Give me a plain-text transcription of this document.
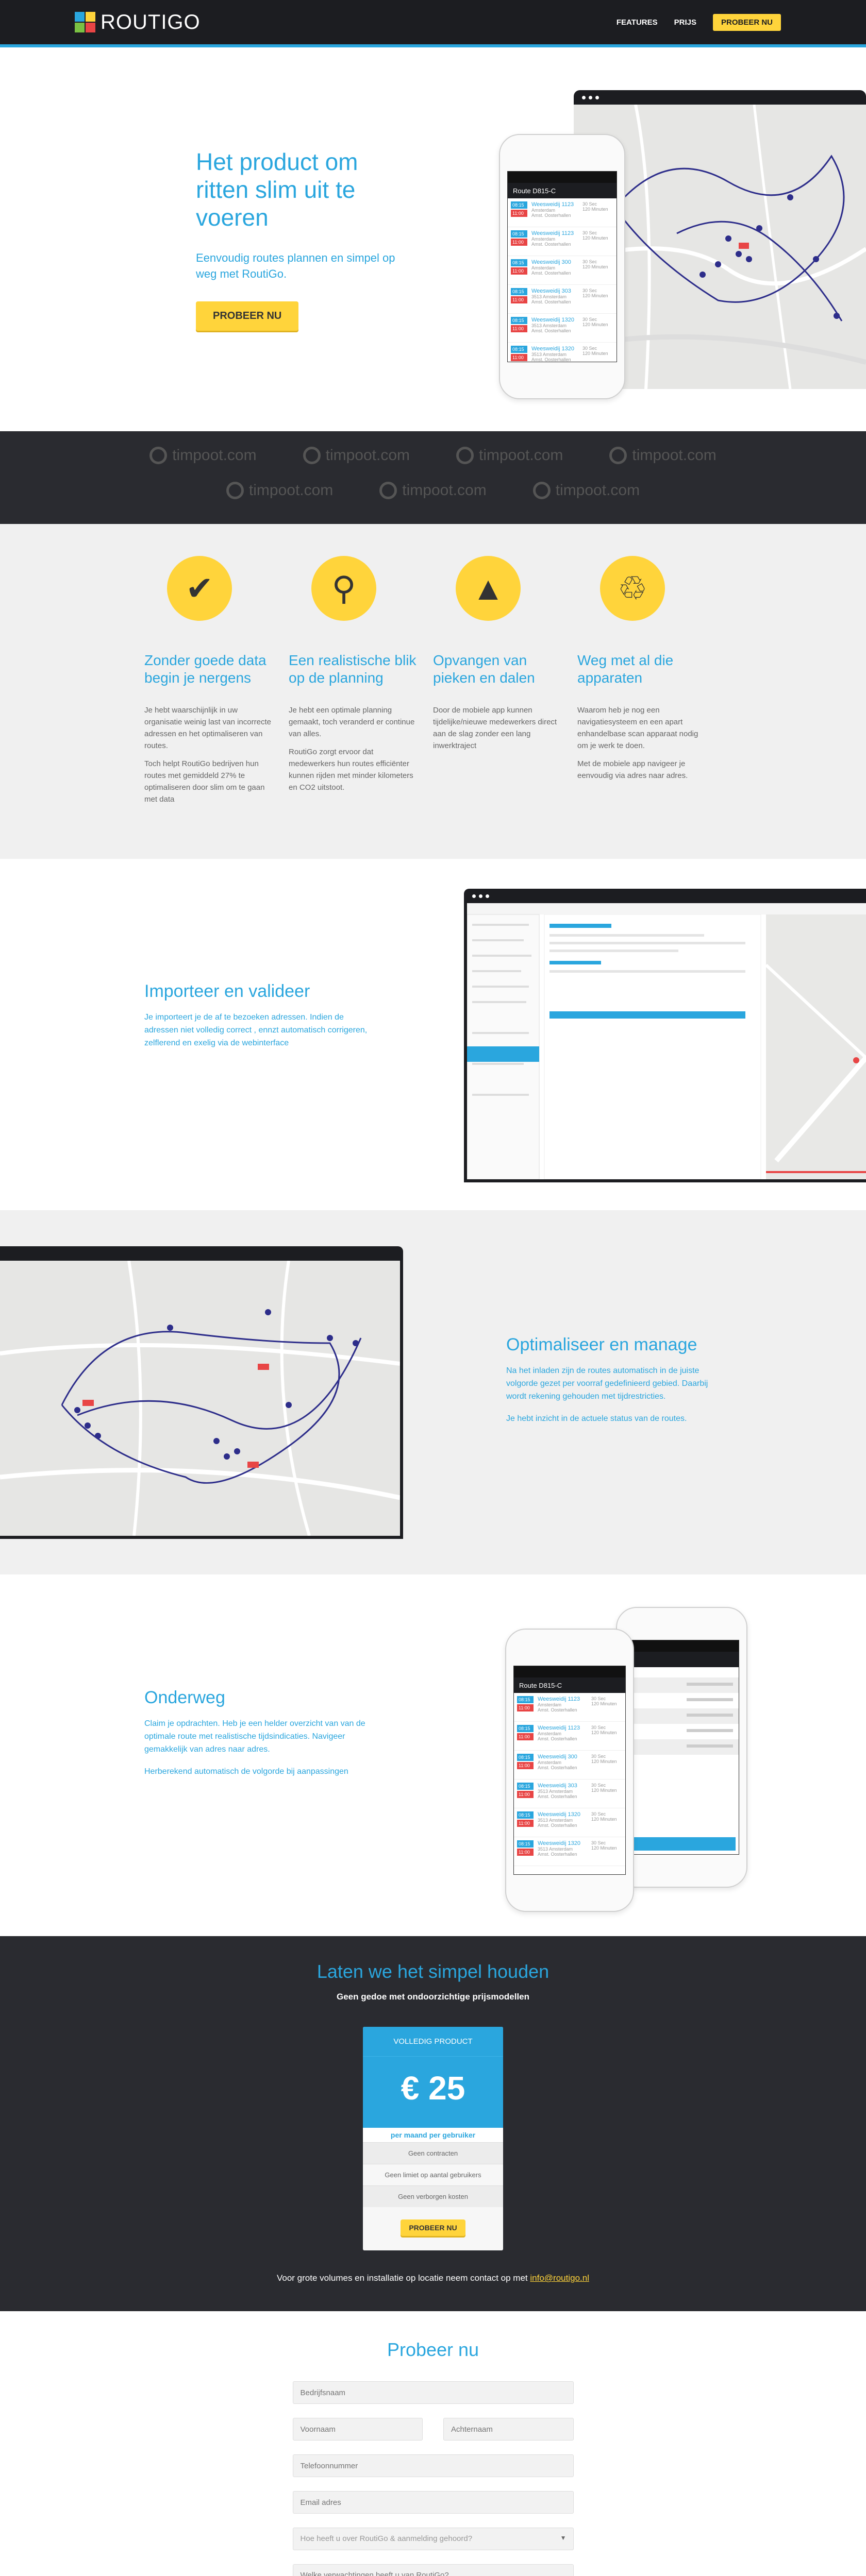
ROUTIGO	FEATURES PRIJS	PROBEER NU
Het product om ritten slim uit te voeren

Eenvoudig routes plannen en simpel op weg met RoutiGo.

PROBEER NU
Route D815-C
08:15
11:00
Weesweidij 1123
Amsterdam
Amst. Oosterhallen
30 Sec
120 Minuten
08:15
11:00
Weesweidij 1123
Amsterdam
Amst. Oosterhallen
30 Sec
120 Minuten
08:15
11:00
Weesweidij 300
Amsterdam
Amst. Oosterhallen
30 Sec
120 Minuten
08:15
11:00
Weesweidij 303
3513 Amsterdam
Amst. Oosterhallen
30 Sec
120 Minuten
08:15
11:00
Weesweidij 1320
3513 Amsterdam
Amst. Oosterhallen
30 Sec
120 Minuten
08:15
11:00
Weesweidij 1320
3513 Amsterdam
Amst. Oosterhallen
30 Sec
120 Minuten
timpoot.com	timpoot.com	timpoot.com	timpoot.com
timpoot.com	timpoot.com	timpoot.com
✔
Zonder goede data begin je nergens

Je hebt waarschijnlijk in uw organisatie weinig last van incorrecte adressen en het optimaliseren van routes.

Toch helpt RoutiGo bedrijven hun routes met gemiddeld 27% te optimaliseren door slim om te gaan met data

⚲
Een realistische blik op de planning

Je hebt een optimale planning gemaakt, toch veranderd er continue van alles.

RoutiGo zorgt ervoor dat medewerkers hun routes efficiënter kunnen rijden met minder kilometers en CO2 uitstoot.

▲
Opvangen van pieken en dalen

Door de mobiele app kunnen tijdelijke/nieuwe medewerkers direct aan de slag zonder een lang inwerktraject

♲
Weg met al die apparaten

Waarom heb je nog een navigatiesysteem en een apart enhandelbase scan apparaat nodig om je werk te doen.

Met de mobiele app navigeer je eenvoudig via adres naar adres.

Importeer en valideer

Je importeert je de af te bezoeken adressen. Indien de adressen niet volledig correct , ennzt automatisch corrigeren, zelflerend en exelig via de webinterface

Optimaliseer en manage

Na het inladen zijn de routes automatisch in de juiste volgorde gezet per voorraf gedefinieerd gebied. Daarbij wordt rekening gehouden met tijdrestricties.

Je hebt inzicht in de actuele status van de routes.

Onderweg

Claim je opdrachten. Heb je een helder overzicht van van de optimale route met realistische tijdsindicaties. Navigeer gemakkelijk van adres naar adres.

Herberekend automatisch de volgorde bij aanpassingen

Route D815-C
08:15
11:00
Weesweidij 1123
Amsterdam
Amst. Oosterhallen
30 Sec
120 Minuten
08:15
11:00
Weesweidij 1123
Amsterdam
Amst. Oosterhallen
30 Sec
120 Minuten
08:15
11:00
Weesweidij 300
Amsterdam
Amst. Oosterhallen
30 Sec
120 Minuten
08:15
11:00
Weesweidij 303
3513 Amsterdam
Amst. Oosterhallen
30 Sec
120 Minuten
08:15
11:00
Weesweidij 1320
3513 Amsterdam
Amst. Oosterhallen
30 Sec
120 Minuten
08:15
11:00
Weesweidij 1320
3513 Amsterdam
Amst. Oosterhallen
30 Sec
120 Minuten
Laten we het simpel houden
Geen gedoe met ondoorzichtige prijsmodellen
VOLLEDIG PRODUCT
€ 25
per maand per gebruiker
Geen contracten
Geen limiet op aantal gebruikers
Geen verborgen kosten
PROBEER NU
Voor grote volumes en installatie op locatie neem contact op met info@routigo.nl
Probeer nu
Bedrijfsnaam
Voornaam
Achternaam
Telefoonnummer
Email adres
Hoe heeft u over RoutiGo & aanmelding gehoord?
▼
Welke verwachtingen heeft u van RoutiGo?
